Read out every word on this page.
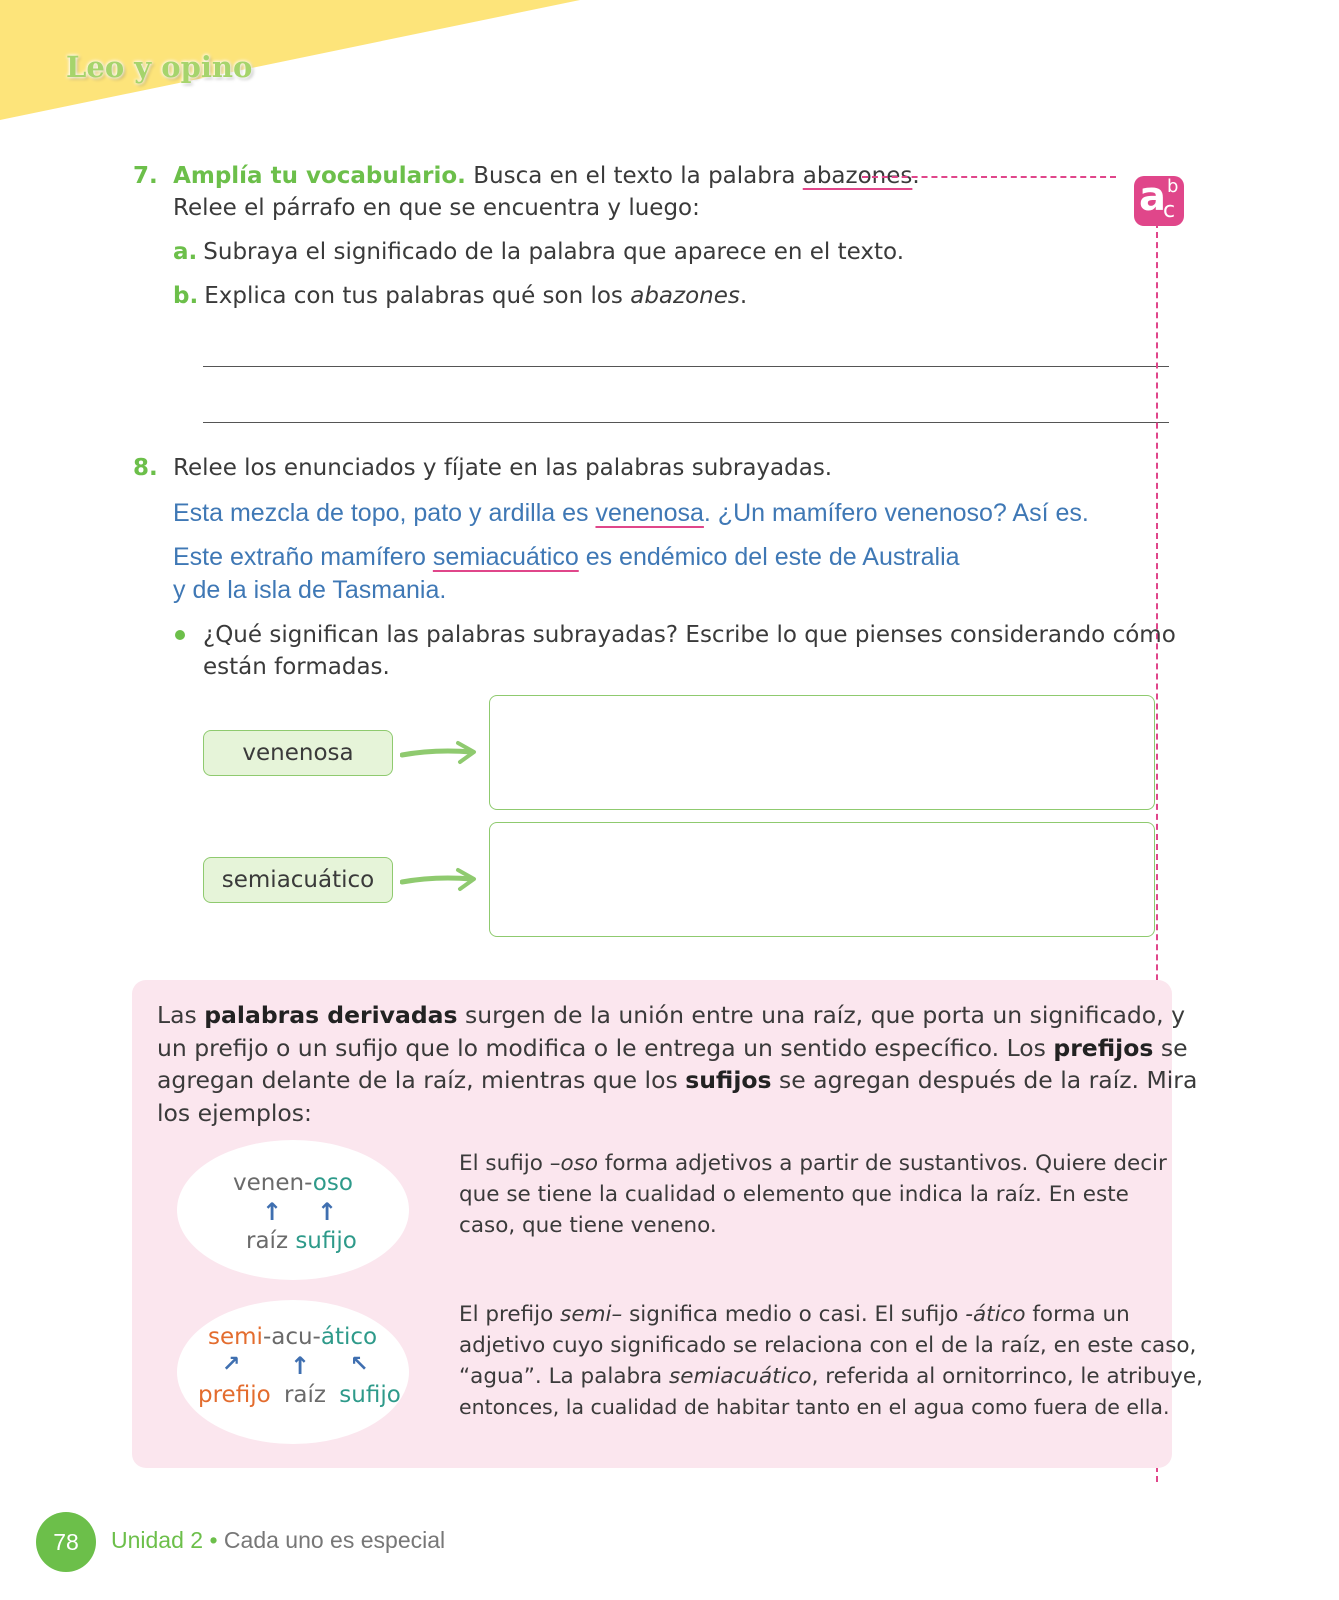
Leo y opino
7. Amplía tu vocabulario. Busca en el texto la palabra abazones.
Relee el párrafo en que se encuentra y luego:
a. Subraya el significado de la palabra que aparece en el texto.
b. Explica con tus palabras qué son los abazones.
a b
c
8. Relee los enunciados y fíjate en las palabras subrayadas.
Esta mezcla de topo, pato y ardilla es venenosa. ¿Un mamífero venenoso? Así es.
Este extraño mamífero semiacuático es endémico del este de Australia
y de la isla de Tasmania.
¿Qué significan las palabras subrayadas? Escribe lo que pienses considerando cómo
están formadas.
venenosa
semiacuático
Las palabras derivadas surgen de la unión entre una raíz, que porta un significado, y
un prefijo o un sufijo que lo modifica o le entrega un sentido específico. Los prefijos se
agregan delante de la raíz, mientras que los sufijos se agregan después de la raíz. Mira
los ejemplos:
venen-oso
↑ ↑
raíz sufijo
El sufijo –oso forma adjetivos a partir de sustantivos. Quiere decir
que se tiene la cualidad o elemento que indica la raíz. En este
caso, que tiene veneno.
semi-acu-ático
↗ ↑ ↖
prefijo raíz sufijo
El prefijo semi– significa medio o casi. El sufijo -ático forma un
adjetivo cuyo significado se relaciona con el de la raíz, en este caso,
“agua”. La palabra semiacuático, referida al ornitorrinco, le atribuye,
entonces, la cualidad de habitar tanto en el agua como fuera de ella.
78	Unidad 2 • Cada uno es especial
